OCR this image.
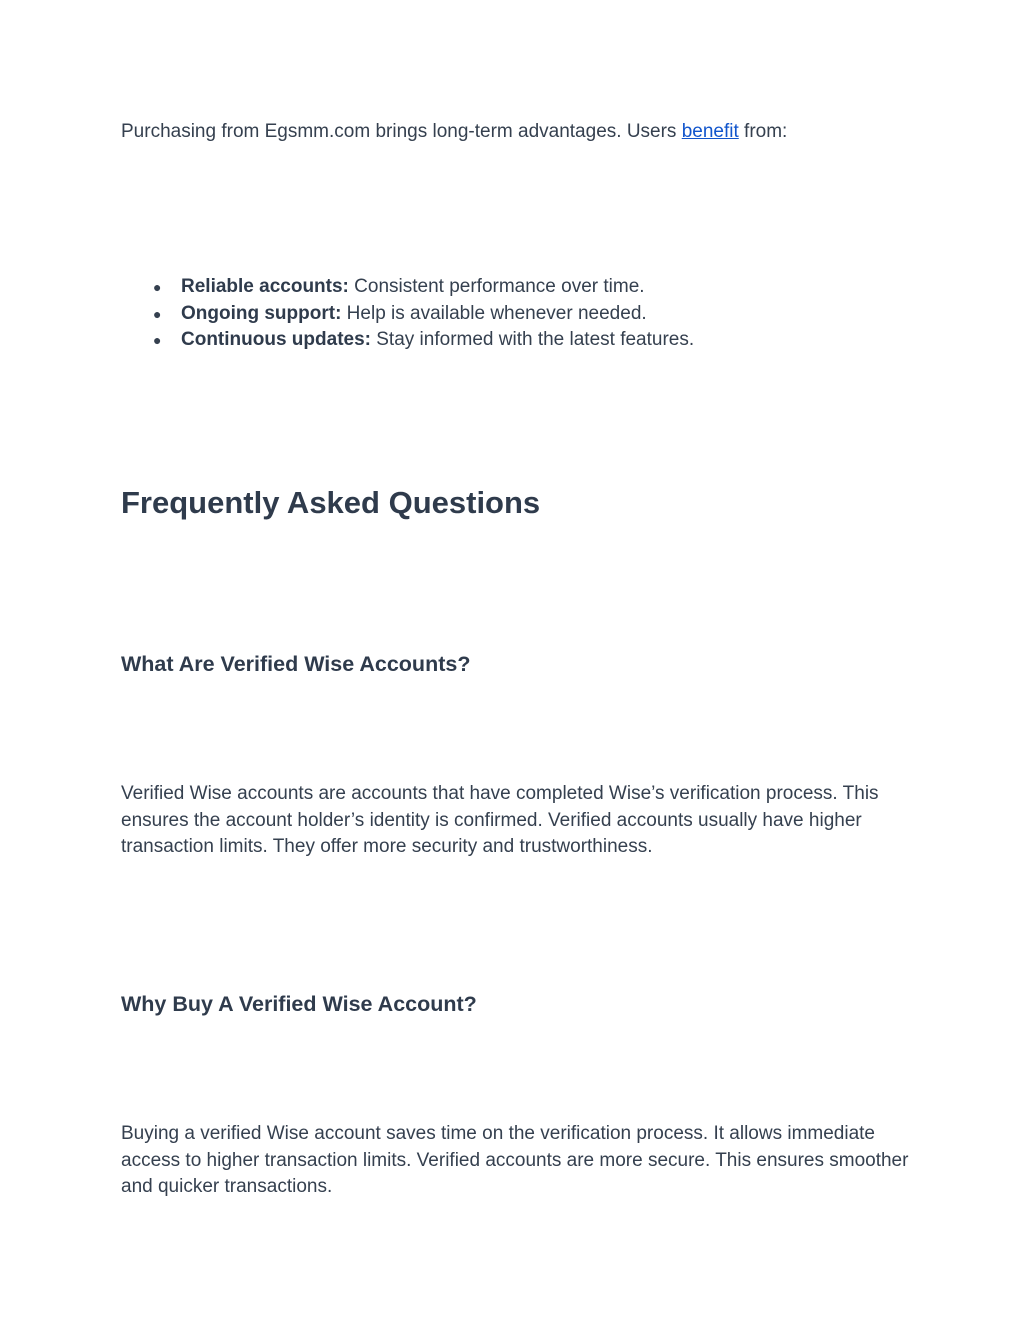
Purchasing from Egsmm.com brings long-term advantages. Users benefit from:

● Reliable accounts: Consistent performance over time.
● Ongoing support: Help is available whenever needed.
● Continuous updates: Stay informed with the latest features.
Frequently Asked Questions
What Are Verified Wise Accounts?

Verified Wise accounts are accounts that have completed Wise’s verification process. This ensures the account holder’s identity is confirmed. Verified accounts usually have higher transaction limits. They offer more security and trustworthiness.

Why Buy A Verified Wise Account?

Buying a verified Wise account saves time on the verification process. It allows immediate access to higher transaction limits. Verified accounts are more secure. This ensures smoother and quicker transactions.
